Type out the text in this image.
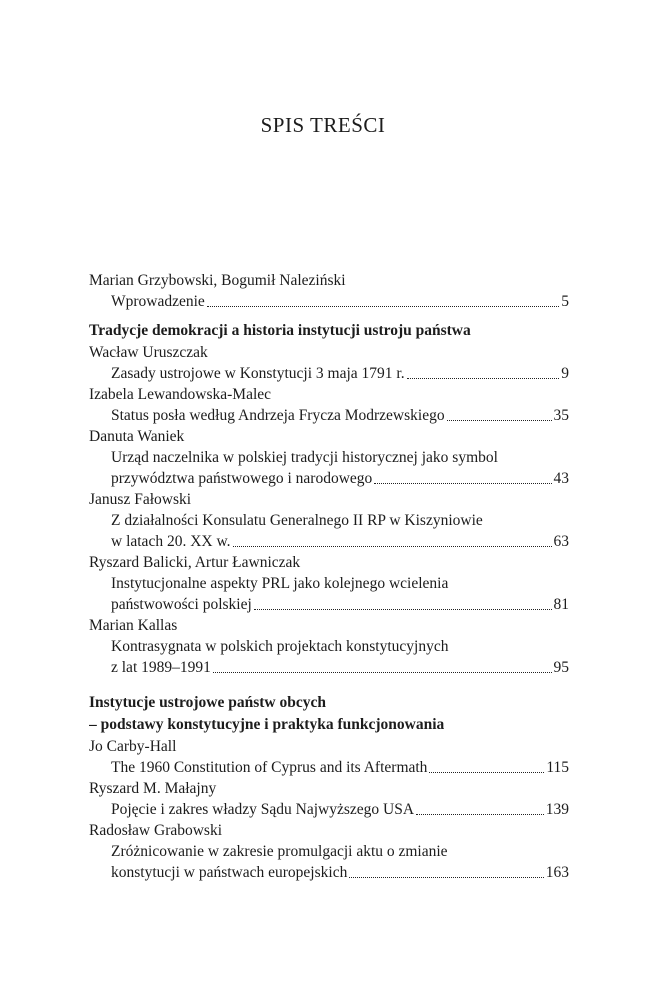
SPIS TREŚCI
Marian Grzybowski, Bogumił Naleziński
Wprowadzenie	5
Tradycje demokracji a historia instytucji ustroju państwa
Wacław Uruszczak
Zasady ustrojowe w Konstytucji 3 maja 1791 r.	9
Izabela Lewandowska-Malec
Status posła według Andrzeja Frycza Modrzewskiego	35
Danuta Waniek
Urząd naczelnika w polskiej tradycji historycznej jako symbol
przywództwa państwowego i narodowego	43
Janusz Fałowski
Z działalności Konsulatu Generalnego II RP w Kiszyniowie
w latach 20. XX w.	63
Ryszard Balicki, Artur Ławniczak
Instytucjonalne aspekty PRL jako kolejnego wcielenia
państwowości polskiej	81
Marian Kallas
Kontrasygnata w polskich projektach konstytucyjnych
z lat 1989–1991	95
Instytucje ustrojowe państw obcych
– podstawy konstytucyjne i praktyka funkcjonowania
Jo Carby-Hall
The 1960 Constitution of Cyprus and its Aftermath	115
Ryszard M. Małajny
Pojęcie i zakres władzy Sądu Najwyższego USA	139
Radosław Grabowski
Zróżnicowanie w zakresie promulgacji aktu o zmianie
konstytucji w państwach europejskich	163
